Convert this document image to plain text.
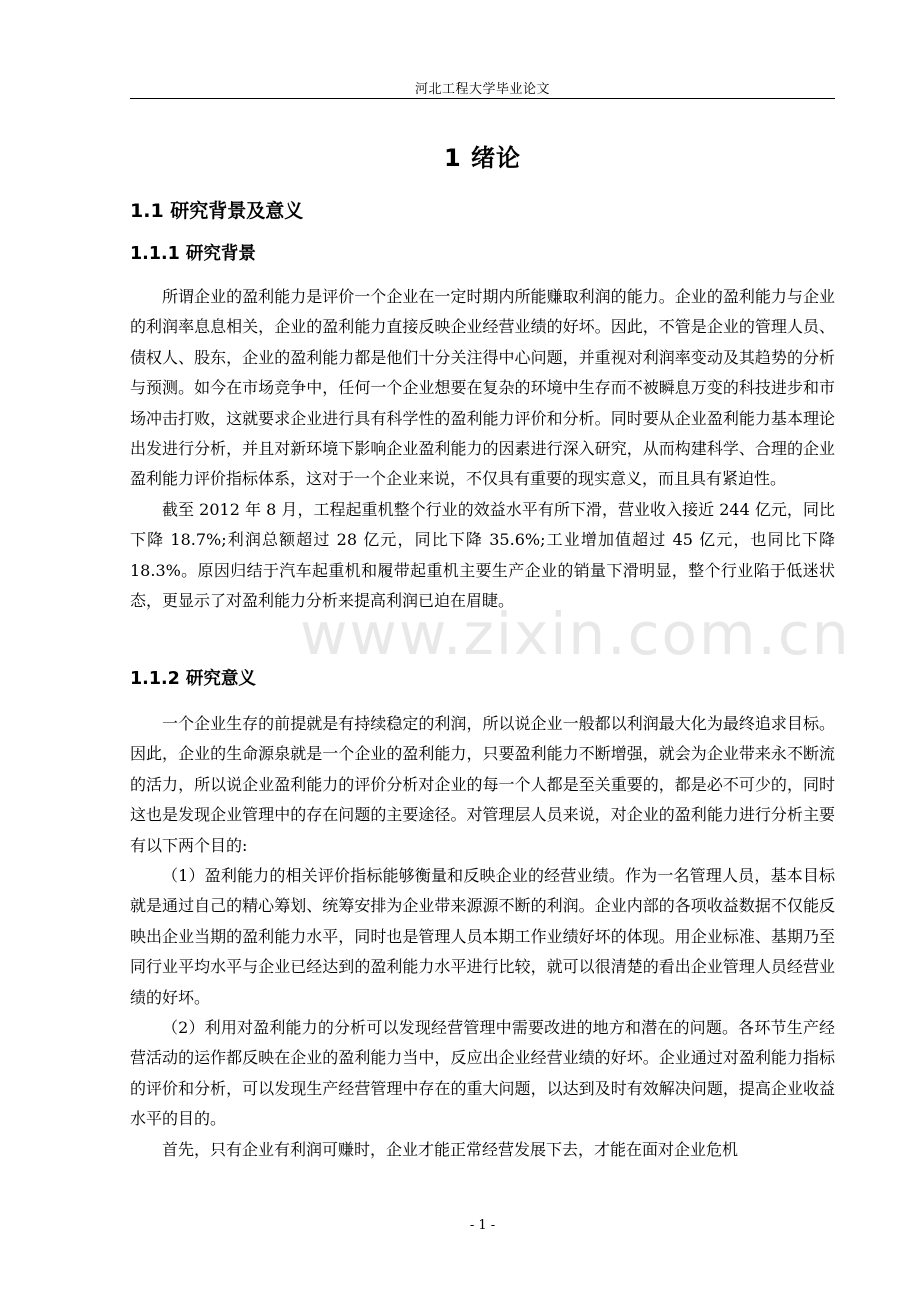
www.zixin.com.cn
河北工程大学毕业论文
1 绪论
1.1 研究背景及意义
1.1.1 研究背景

所谓企业的盈利能力是评价一个企业在一定时期内所能赚取利润的能力。企业的盈利能力与企业的利润率息息相关，企业的盈利能力直接反映企业经营业绩的好坏。因此，不管是企业的管理人员、债权人、股东，企业的盈利能力都是他们十分关注得中心问题，并重视对利润率变动及其趋势的分析与预测。如今在市场竞争中，任何一个企业想要在复杂的环境中生存而不被瞬息万变的科技进步和市场冲击打败，这就要求企业进行具有科学性的盈利能力评价和分析。同时要从企业盈利能力基本理论出发进行分析，并且对新环境下影响企业盈利能力的因素进行深入研究，从而构建科学、合理的企业盈利能力评价指标体系，这对于一个企业来说，不仅具有重要的现实意义，而且具有紧迫性。

截至 2012 年 8 月，工程起重机整个行业的效益水平有所下滑，营业收入接近 244 亿元，同比下降 18.7%;利润总额超过 28 亿元，同比下降 35.6%;工业增加值超过 45 亿元，也同比下降 18.3%。原因归结于汽车起重机和履带起重机主要生产企业的销量下滑明显，整个行业陷于低迷状态，更显示了对盈利能力分析来提高利润已迫在眉睫。

1.1.2 研究意义

一个企业生存的前提就是有持续稳定的利润，所以说企业一般都以利润最大化为最终追求目标。因此，企业的生命源泉就是一个企业的盈利能力，只要盈利能力不断增强，就会为企业带来永不断流的活力，所以说企业盈利能力的评价分析对企业的每一个人都是至关重要的，都是必不可少的，同时这也是发现企业管理中的存在问题的主要途径。对管理层人员来说，对企业的盈利能力进行分析主要有以下两个目的:

（1）盈利能力的相关评价指标能够衡量和反映企业的经营业绩。作为一名管理人员，基本目标就是通过自己的精心筹划、统筹安排为企业带来源源不断的利润。企业内部的各项收益数据不仅能反映出企业当期的盈利能力水平，同时也是管理人员本期工作业绩好坏的体现。用企业标准、基期乃至同行业平均水平与企业已经达到的盈利能力水平进行比较，就可以很清楚的看出企业管理人员经营业绩的好坏。

（2）利用对盈利能力的分析可以发现经营管理中需要改进的地方和潜在的问题。各环节生产经营活动的运作都反映在企业的盈利能力当中，反应出企业经营业绩的好坏。企业通过对盈利能力指标的评价和分析，可以发现生产经营管理中存在的重大问题，以达到及时有效解决问题，提高企业收益水平的目的。

首先，只有企业有利润可赚时，企业才能正常经营发展下去，才能在面对企业危机

- 1 -
